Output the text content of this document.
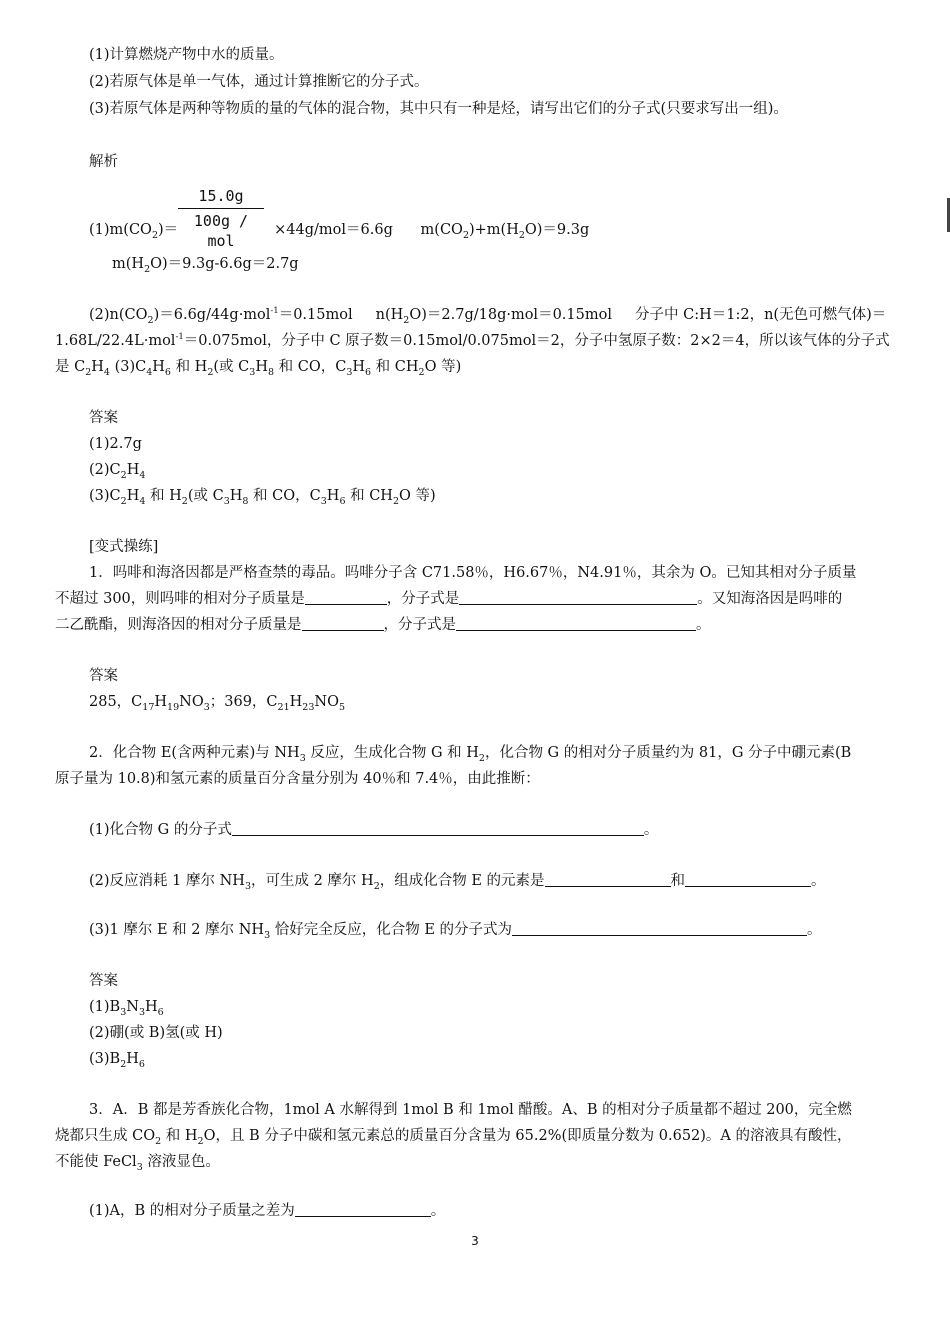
(1)计算燃烧产物中水的质量。
(2)若原气体是单一气体，通过计算推断它的分子式。
(3)若原气体是两种等物质的量的气体的混合物，其中只有一种是烃，请写出它们的分子式(只要求写出一组)。
解析
15.0g
100g / mol
$(1)m(CO_2)=$	×44g/mol＝6.6g      $m(CO_2)+m(H_2O)=9.3g$
$m(H_2O)=9.3g-6.6g=2.7g$
$(2)n(CO_2)=6.6g/44g\cdot mol^{-1}=0.15mol$     $n(H_2O)=2.7g/18g\cdot mol=0.15mol$     分子中 C:H＝1:2，n(无色可燃气体)＝
1.68L/22.4L·mol$^{-1}$＝0.075mol，分子中 C 原子数＝0.15mol/0.075mol＝2，分子中氢原子数：2×2＝4，所以该气体的分子式
是 $C_2H_4$ $(3)C_4H_6$ 和 $H_2$(或 $C_3H_8$ 和 CO，$C_3H_6$ 和 $CH_2O$ 等)
答案
(1)2.7g
$(2)C_2H_4$
$(3)C_2H_4$ 和 $H_2$(或 $C_3H_8$ 和 CO，$C_3H_6$ 和 $CH_2O$ 等)
[变式操练]
1．吗啡和海洛因都是严格查禁的毒品。吗啡分子含 C71.58％，H6.67％，N4.91％，其余为 O。已知其相对分子质量
不超过 300，则吗啡的相对分子质量是	，分子式是	。又知海洛因是吗啡的
二乙酰酯，则海洛因的相对分子质量是	，分子式是	。
答案
285，$C_{17}H_{19}NO_3$；369，$C_{21}H_{23}NO_5$
2．化合物 E(含两种元素)与 $NH_3$ 反应，生成化合物 G 和 $H_2$，化合物 G 的相对分子质量约为 81，G 分子中硼元素(B
原子量为 10.8)和氢元素的质量百分含量分别为 40％和 7.4％，由此推断：
(1)化合物 G 的分子式	。
(2)反应消耗 1 摩尔 $NH_3$，可生成 2 摩尔 $H_2$，组成化合物 E 的元素是	和	。
(3)1 摩尔 E 和 2 摩尔 $NH_3$ 恰好完全反应，化合物 E 的分子式为	。
答案
$(1)B_3N_3H_6$
(2)硼(或 B)氢(或 H)
$(3)B_2H_6$
3．A．B 都是芳香族化合物，1mol A 水解得到 1mol B 和 1mol 醋酸。A、B 的相对分子质量都不超过 200，完全燃
烧都只生成 $CO_2$ 和 $H_2O$，且 B 分子中碳和氢元素总的质量百分含量为 65.2%(即质量分数为 0.652)。A 的溶液具有酸性，
不能使 FeCl$_3$ 溶液显色。
(1)A，B 的相对分子质量之差为	。
3
